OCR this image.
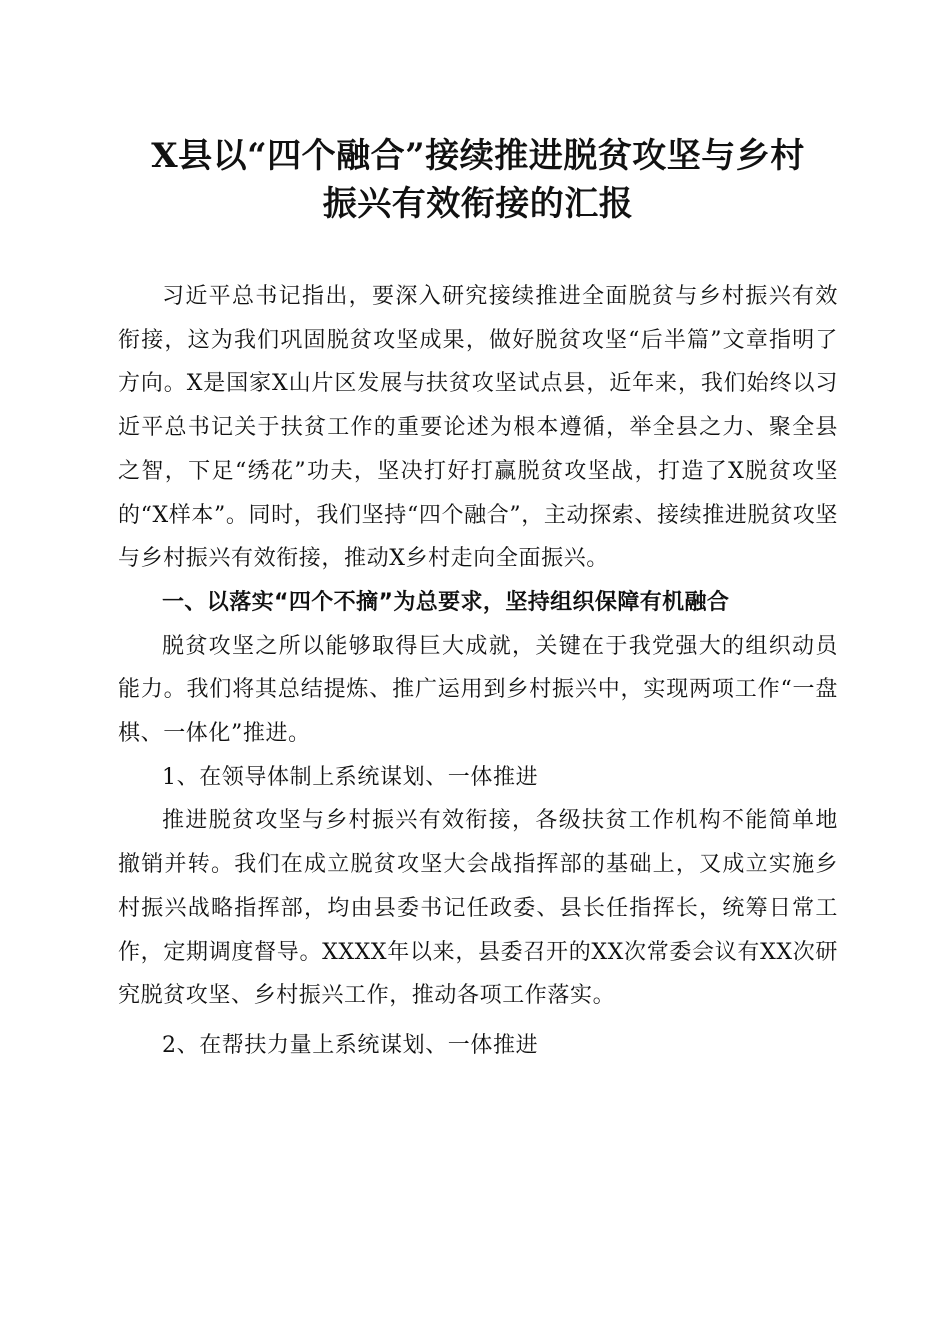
X县以“四个融合”接续推进脱贫攻坚与乡村
振兴有效衔接的汇报

习近平总书记指出，要深入研究接续推进全面脱贫与乡村振兴有效衔接，这为我们巩固脱贫攻坚成果，做好脱贫攻坚“后半篇”文章指明了方向。X是国家X山片区发展与扶贫攻坚试点县，近年来，我们始终以习近平总书记关于扶贫工作的重要论述为根本遵循，举全县之力、聚全县之智，下足“绣花”功夫，坚决打好打赢脱贫攻坚战，打造了X脱贫攻坚的“X样本”。同时，我们坚持“四个融合”，主动探索、接续推进脱贫攻坚与乡村振兴有效衔接，推动X乡村走向全面振兴。

一、以落实“四个不摘”为总要求，坚持组织保障有机融合

脱贫攻坚之所以能够取得巨大成就，关键在于我党强大的组织动员能力。我们将其总结提炼、推广运用到乡村振兴中，实现两项工作“一盘棋、一体化”推进。

1、在领导体制上系统谋划、一体推进

推进脱贫攻坚与乡村振兴有效衔接，各级扶贫工作机构不能简单地撤销并转。我们在成立脱贫攻坚大会战指挥部的基础上，又成立实施乡村振兴战略指挥部，均由县委书记任政委、县长任指挥长，统筹日常工作，定期调度督导。XXXX年以来，县委召开的XX次常委会议有XX次研究脱贫攻坚、乡村振兴工作，推动各项工作落实。

2、在帮扶力量上系统谋划、一体推进
